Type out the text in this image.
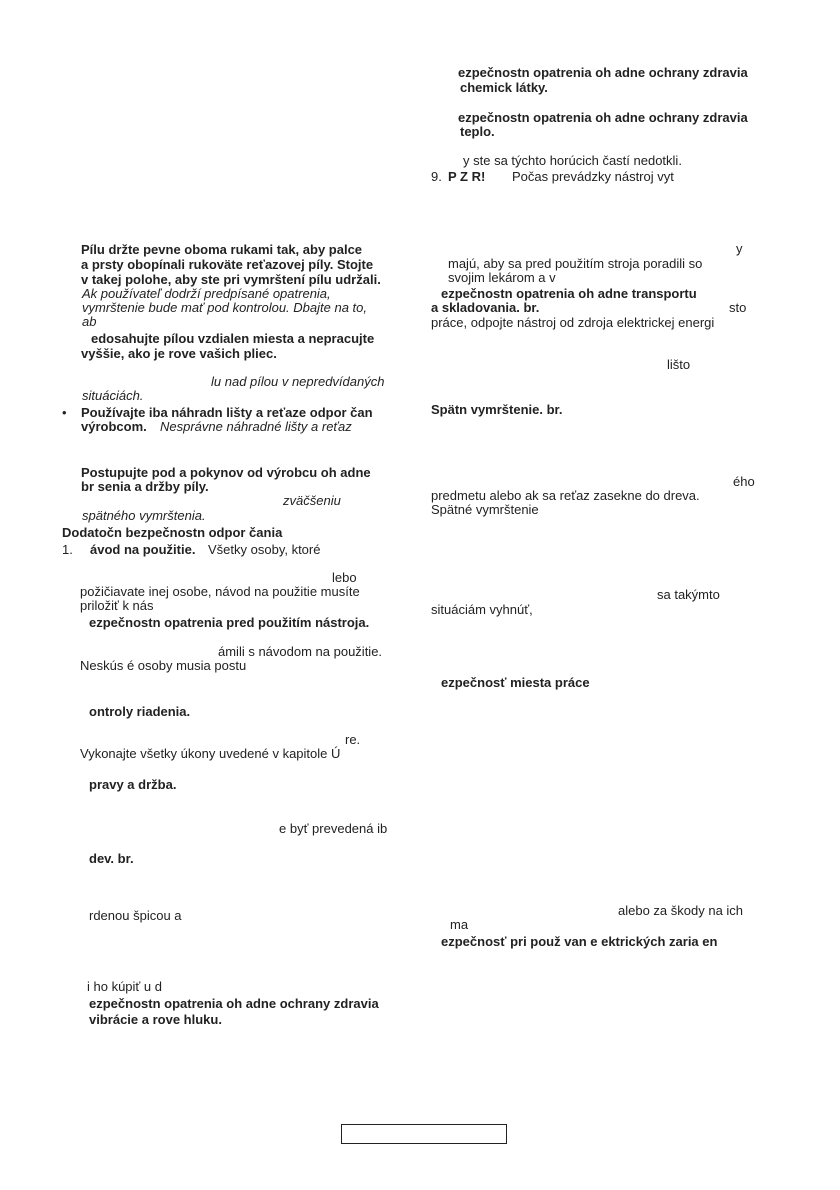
Pílu držte pevne oboma rukami tak, aby palce

a prsty obopínali rukoväte reťazovej píly. Stojte

v takej polohe, aby ste pri vymrštení pílu udržali.

Ak používateľ dodrží predpísané opatrenia,

vymrštenie bude mať pod kontrolou. Dbajte na to,

ab

edosahujte pílou vzdialen miesta a nepracujte

vyššie, ako je rove vašich pliec.

lu nad pílou v nepredvídaných

situáciách.

• Používajte iba náhradn lišty a reťaze odpor čan

výrobcom. Nesprávne náhradné lišty a reťaz

Postupujte pod a pokynov od výrobcu oh adne

br senia a držby píly.

zväčšeniu

spätného vymrštenia.

Dodatočn bezpečnostn odpor čania

1. ávod na použitie. Všetky osoby, ktoré

lebo

požičiavate inej osobe, návod na použitie musíte

priložiť k nás

ezpečnostn opatrenia pred použitím nástroja.

ámili s návodom na použitie.

Neskús é osoby musia postu

ontroly riadenia.

re.

Vykonajte všetky úkony uvedené v kapitole Ú

pravy a držba.

e byť prevedená ib

dev. br.

rdenou špicou a

i ho kúpiť u d

ezpečnostn opatrenia oh adne ochrany zdravia

vibrácie a rove hluku.

ezpečnostn opatrenia oh adne ochrany zdravia

chemick látky.

ezpečnostn opatrenia oh adne ochrany zdravia

teplo.

y ste sa týchto horúcich častí nedotkli.

9. P Z R! Počas prevádzky nástroj vyt

y

majú, aby sa pred použitím stroja poradili so

svojim lekárom a v

ezpečnostn opatrenia oh adne transportu

a skladovania. br.	sto

práce, odpojte nástroj od zdroja elektrickej energi

lišto

Spätn vymrštenie. br.

ého

predmetu alebo ak sa reťaz zasekne do dreva.

Spätné vymrštenie

sa takýmto

situáciám vyhnúť,

ezpečnosť miesta práce

alebo za škody na ich

ma

ezpečnosť pri použ van e ektrických zaria en
